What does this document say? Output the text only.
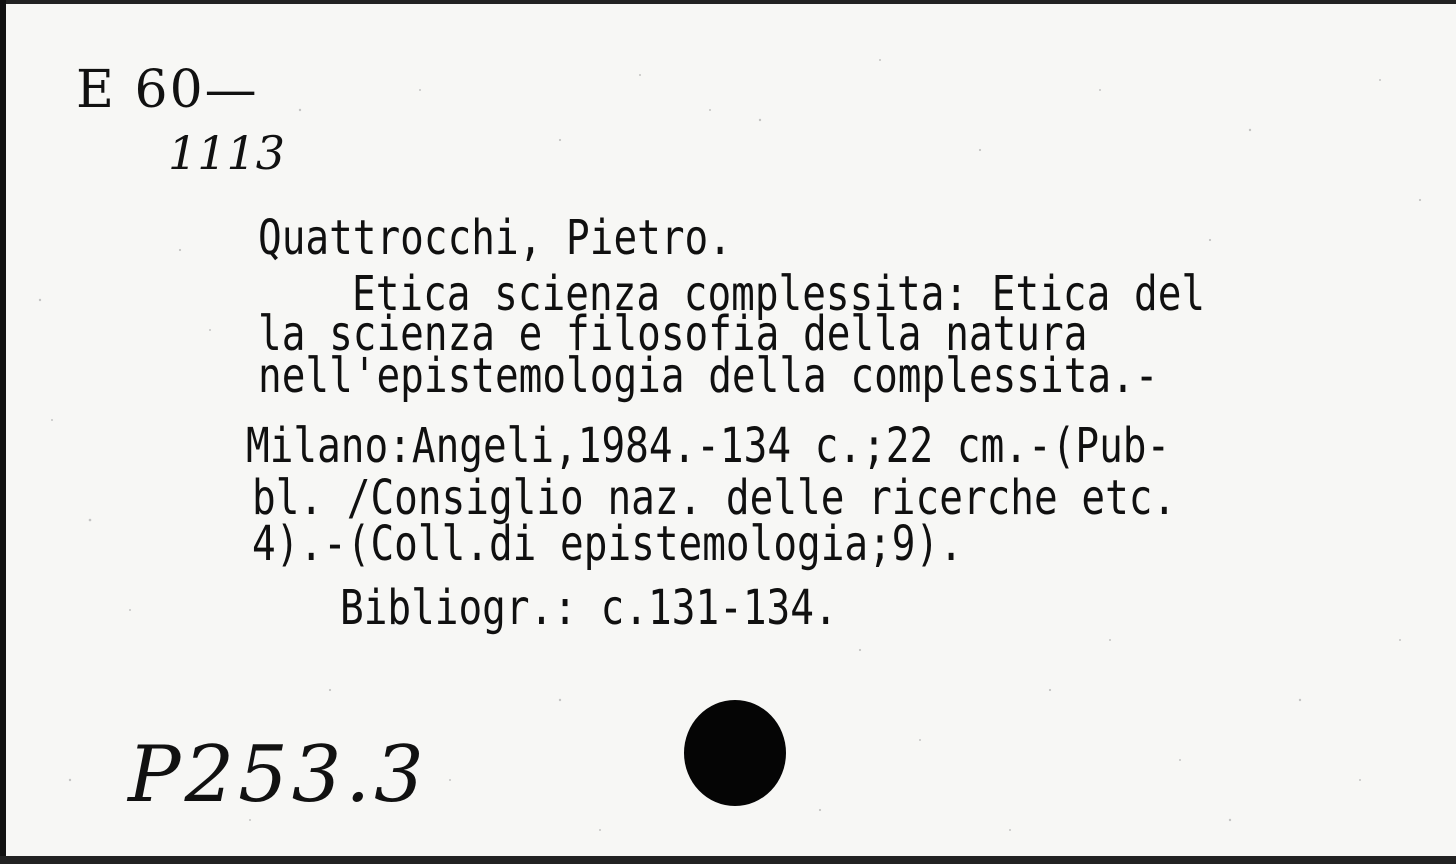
E 60—
1113
Quattrocchi, Pietro.
Etica scienza complessita: Etica del
la scienza e filosofia della natura
nell'epistemologia della complessita.-
Milano:Angeli,1984.-134 c.;22 cm.-(Pub-
bl. /Consiglio naz. delle ricerche etc.
4).-(Coll.di epistemologia;9).
Bibliogr.: c.131-134.
P253.3
